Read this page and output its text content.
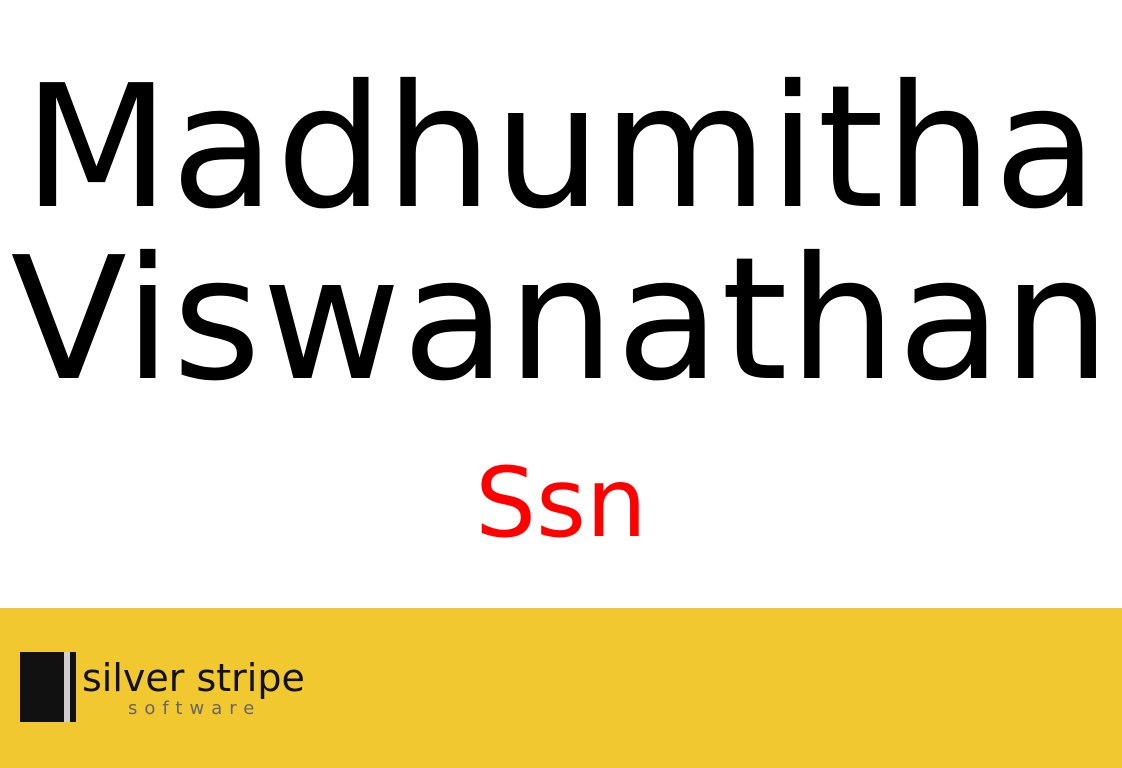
Madhumitha
Viswanathan
Ssn
silver stripe
software
